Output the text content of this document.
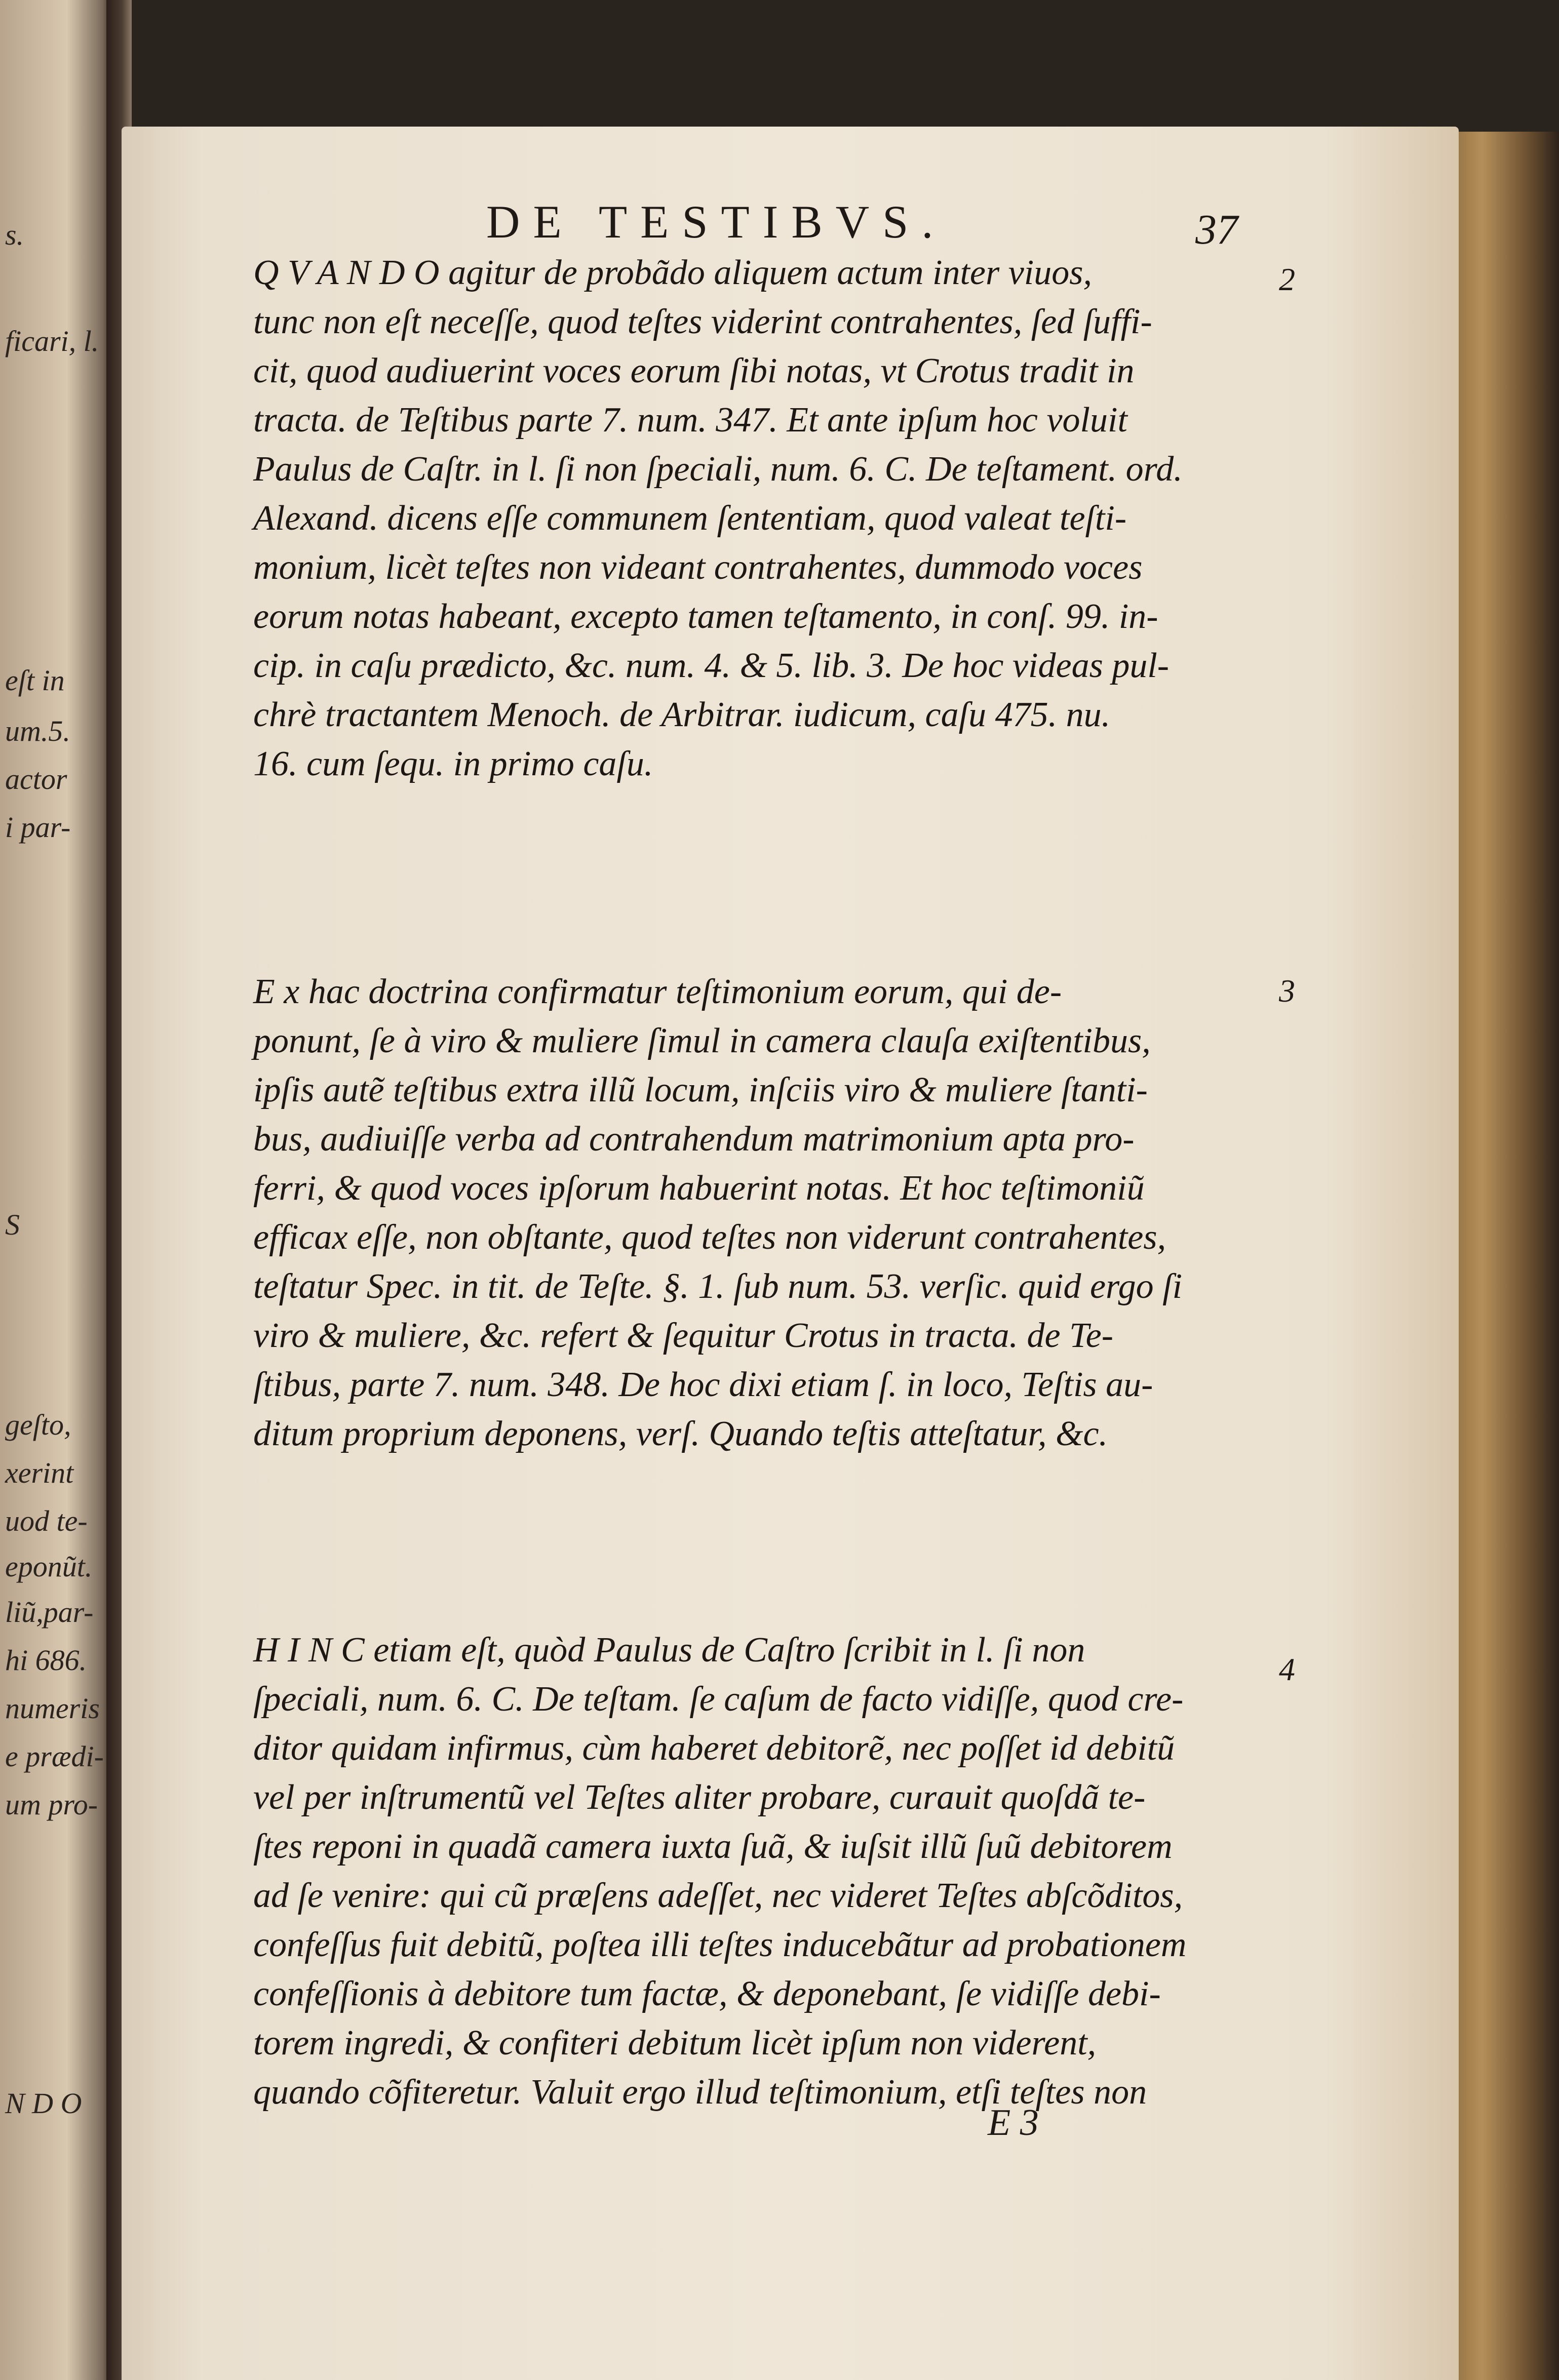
s.
ficari, l.
eſt in
um.5.
actor
i par-
S
geſto,
xerint
uod te-
eponũt.
liũ,par-
hi 686.
numeris
e prædi-
um pro-
N D O
DE TESTIBVS.	37
2
Q V A N D O agitur de probãdo aliquem actum inter viuos,
tunc non eſt neceſſe, quod teſtes viderint contrahentes, ſed ſuffi-
cit, quod audiuerint voces eorum ſibi notas, vt Crotus tradit in
tracta. de Teſtibus parte 7. num. 347. Et ante ipſum hoc voluit
Paulus de Caſtr. in l. ſi non ſpeciali, num. 6. C. De teſtament. ord.
Alexand. dicens eſſe communem ſententiam, quod valeat teſti-
monium, licèt teſtes non videant contrahentes, dummodo voces
eorum notas habeant, excepto tamen teſtamento, in conſ. 99. in-
cip. in caſu prædicto, &c. num. 4. & 5. lib. 3. De hoc videas pul-
chrè tractantem Menoch. de Arbitrar. iudicum, caſu 475. nu.
16. cum ſequ. in primo caſu.
3
E x hac doctrina confirmatur teſtimonium eorum, qui de-
ponunt, ſe à viro & muliere ſimul in camera clauſa exiſtentibus,
ipſis autẽ teſtibus extra illũ locum, inſciis viro & muliere ſtanti-
bus, audiuiſſe verba ad contrahendum matrimonium apta pro-
ferri, & quod voces ipſorum habuerint notas. Et hoc teſtimoniũ
efficax eſſe, non obſtante, quod teſtes non viderunt contrahentes,
teſtatur Spec. in tit. de Teſte. §. 1. ſub num. 53. verſic. quid ergo ſi
viro & muliere, &c. refert & ſequitur Crotus in tracta. de Te-
ſtibus, parte 7. num. 348. De hoc dixi etiam ſ. in loco, Teſtis au-
ditum proprium deponens, verſ. Quando teſtis atteſtatur, &c.
4
H I N C etiam eſt, quòd Paulus de Caſtro ſcribit in l. ſi non
ſpeciali, num. 6. C. De teſtam. ſe caſum de facto vidiſſe, quod cre-
ditor quidam infirmus, cùm haberet debitorẽ, nec poſſet id debitũ
vel per inſtrumentũ vel Teſtes aliter probare, curauit quoſdã te-
ſtes reponi in quadã camera iuxta ſuã, & iuſsit illũ ſuũ debitorem
ad ſe venire: qui cũ præſens adeſſet, nec videret Teſtes abſcõditos,
confeſſus fuit debitũ, poſtea illi teſtes inducebãtur ad probationem
confeſſionis à debitore tum factæ, & deponebant, ſe vidiſſe debi-
torem ingredi, & confiteri debitum licèt ipſum non viderent,
quando cõfiteretur. Valuit ergo illud teſtimonium, etſi teſtes non
E 3
